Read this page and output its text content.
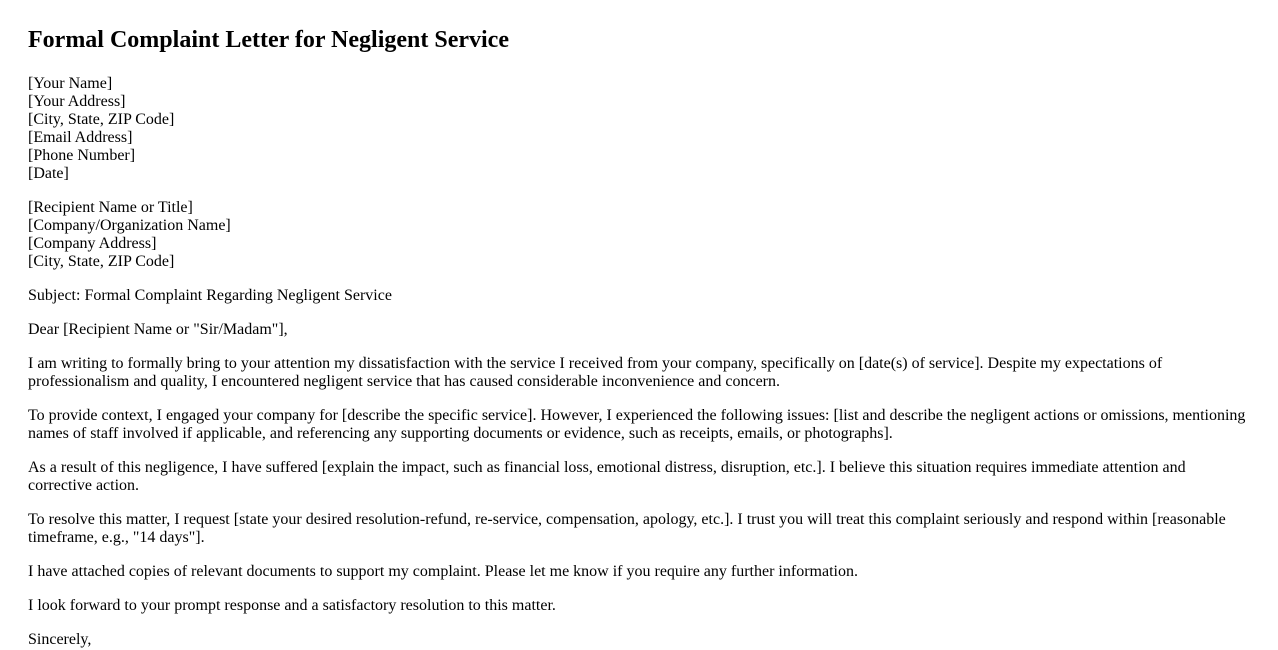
Formal Complaint Letter for Negligent Service
[Your Name]
[Your Address]
[City, State, ZIP Code]
[Email Address]
[Phone Number]
[Date]
[Recipient Name or Title]
[Company/Organization Name]
[Company Address]
[City, State, ZIP Code]

Subject: Formal Complaint Regarding Negligent Service

Dear [Recipient Name or "Sir/Madam"],

I am writing to formally bring to your attention my dissatisfaction with the service I received from your company, specifically on [date(s) of service]. Despite my expectations of professionalism and quality, I encountered negligent service that has caused considerable inconvenience and concern.

To provide context, I engaged your company for [describe the specific service]. However, I experienced the following issues: [list and describe the negligent actions or omissions, mentioning names of staff involved if applicable, and referencing any supporting documents or evidence, such as receipts, emails, or photographs].

As a result of this negligence, I have suffered [explain the impact, such as financial loss, emotional distress, disruption, etc.]. I believe this situation requires immediate attention and corrective action.

To resolve this matter, I request [state your desired resolution-refund, re-service, compensation, apology, etc.]. I trust you will treat this complaint seriously and respond within [reasonable timeframe, e.g., "14 days"].

I have attached copies of relevant documents to support my complaint. Please let me know if you require any further information.

I look forward to your prompt response and a satisfactory resolution to this matter.

Sincerely,
